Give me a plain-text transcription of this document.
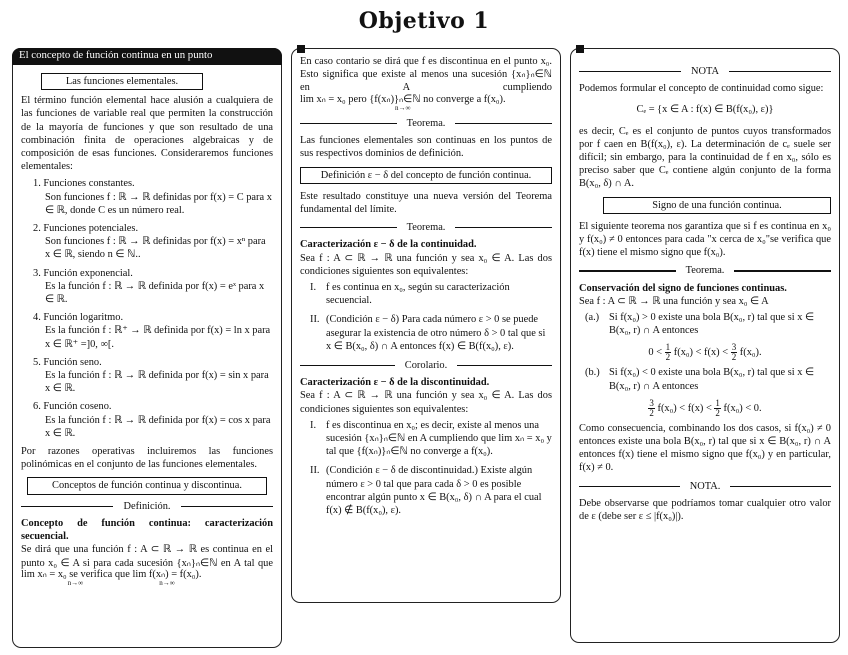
Objetivo 1
El concepto de función continua en un punto
Las funciones elementales.

El término función elemental hace alusión a cualquiera de las funciones de variable real que permiten la construcción de la mayoría de funciones y que son resultado de una combinación finita de operaciones algebraicas y de composición de esas funciones. Consideraremos funciones elementales:

1. Funciones constantes.
Son funciones f : ℝ → ℝ definidas por f(x) = C para x ∈ ℝ, donde C es un número real.
2. Funciones potenciales.
Son funciones f : ℝ → ℝ definidas por f(x) = xⁿ para x ∈ ℝ, siendo n ∈ ℕ..
3. Función exponencial.
Es la función f : ℝ → ℝ definida por f(x) = eˣ para x ∈ ℝ.
4. Función logaritmo.
Es la función f : ℝ⁺ → ℝ definida por f(x) = ln x para x ∈ ℝ⁺ =]0, ∞[.
5. Función seno.
Es la función f : ℝ → ℝ definida por f(x) = sin x para x ∈ ℝ.
6. Función coseno.
Es la función f : ℝ → ℝ definida por f(x) = cos x para x ∈ ℝ.

Por razones operativas incluiremos las funciones polinómicas en el conjunto de las funciones elementales.

Conceptos de función continua y discontinua.
Definición.

Concepto de función continua: caracterización secuencial.

Se dirá que una función f : A ⊂ ℝ → ℝ es continua en el punto x₀ ∈ A si para cada sucesión {xₙ}ₙ∈ℕ en A tal que lim xₙ = x₀ se verifica que
n→∞
lim f(xₙ) = f(x₀).
n→∞

En caso contario se dirá que f es discontinua en el punto x₀. Esto significa que existe al menos una sucesión {xₙ}ₙ∈ℕ en A cumpliendo lim xₙ = x₀ pero {f(xₙ)}ₙ∈ℕ no converge a f(x₀).
n→∞

Teorema.

Las funciones elementales son continuas en los puntos de sus respectivos dominios de definición.

Definición ε − δ del concepto de función continua.

Este resultado constituye una nueva versión del Teorema fundamental del límite.

Teorema.

Caracterización ε − δ de la continuidad.

Sea f : A ⊂ ℝ → ℝ una función y sea x₀ ∈ A. Las dos condiciones siguientes son equivalentes:

I. f es continua en x₀, según su caracterización secuencial.
II. (Condición ε − δ) Para cada número ε > 0 se puede asegurar la existencia de otro número δ > 0 tal que si x ∈ B(x₀, δ) ∩ A entonces f(x) ∈ B(f(x₀), ε).
Corolario.

Caracterización ε − δ de la discontinuidad.

Sea f : A ⊂ ℝ → ℝ una función y sea x₀ ∈ A. Las dos condiciones siguientes son equivalentes:

I. f es discontinua en x₀; es decir, existe al menos una sucesión {xₙ}ₙ∈ℕ en A cumpliendo que lim xₙ = x₀ y tal que {f(xₙ)}ₙ∈ℕ no converge a f(x₀).
II. (Condición ε − δ de discontinuidad.) Existe algún número ε > 0 tal que para cada δ > 0 es posible encontrar algún punto x ∈ B(x₀, δ) ∩ A para el cual f(x) ∉ B(f(x₀), ε).
NOTA

Podemos formular el concepto de continuidad como sigue:

Cₑ = {x ∈ A : f(x) ∈ B(f(x₀), ε)}

es decir, Cₑ es el conjunto de puntos cuyos transformados por f caen en B(f(x₀), ε). La determinación de cₑ suele ser difícil; sin embargo, para la continuidad de f en x₀, sólo es preciso saber que Cₑ contiene algún conjunto de la forma B(x₀, δ) ∩ A.

Signo de una función continua.

El siguiente teorema nos garantiza que si f es continua en x₀ y f(x₀) ≠ 0 entonces para cada "x cerca de x₀"se verifica que f(x) tiene el mismo signo que f(x₀).

Teorema.

Conservación del signo de funciones continuas.

Sea f : A ⊂ ℝ → ℝ una función y sea x₀ ∈ A

(a.) Si f(x₀) > 0 existe una bola B(x₀, r) tal que si x ∈ B(x₀, r) ∩ A entonces
$0 < \frac{1}{2} f(x_0) < f(x) < \frac{3}{2} f(x_0)$.
(b.) Si f(x₀) < 0 existe una bola B(x₀, r) tal que si x ∈ B(x₀, r) ∩ A entonces
$\frac{3}{2} f(x_0) < f(x) < \frac{1}{2} f(x_0) < 0$.

Como consecuencia, combinando los dos casos, si f(x₀) ≠ 0 entonces existe una bola B(x₀, r) tal que si x ∈ B(x₀, r) ∩ A entonces f(x) tiene el mismo signo que f(x₀) y en particular, f(x) ≠ 0.

NOTA.

Debe observarse que podríamos tomar cualquier otro valor de ε (debe ser ε ≤ |f(x₀)|).
